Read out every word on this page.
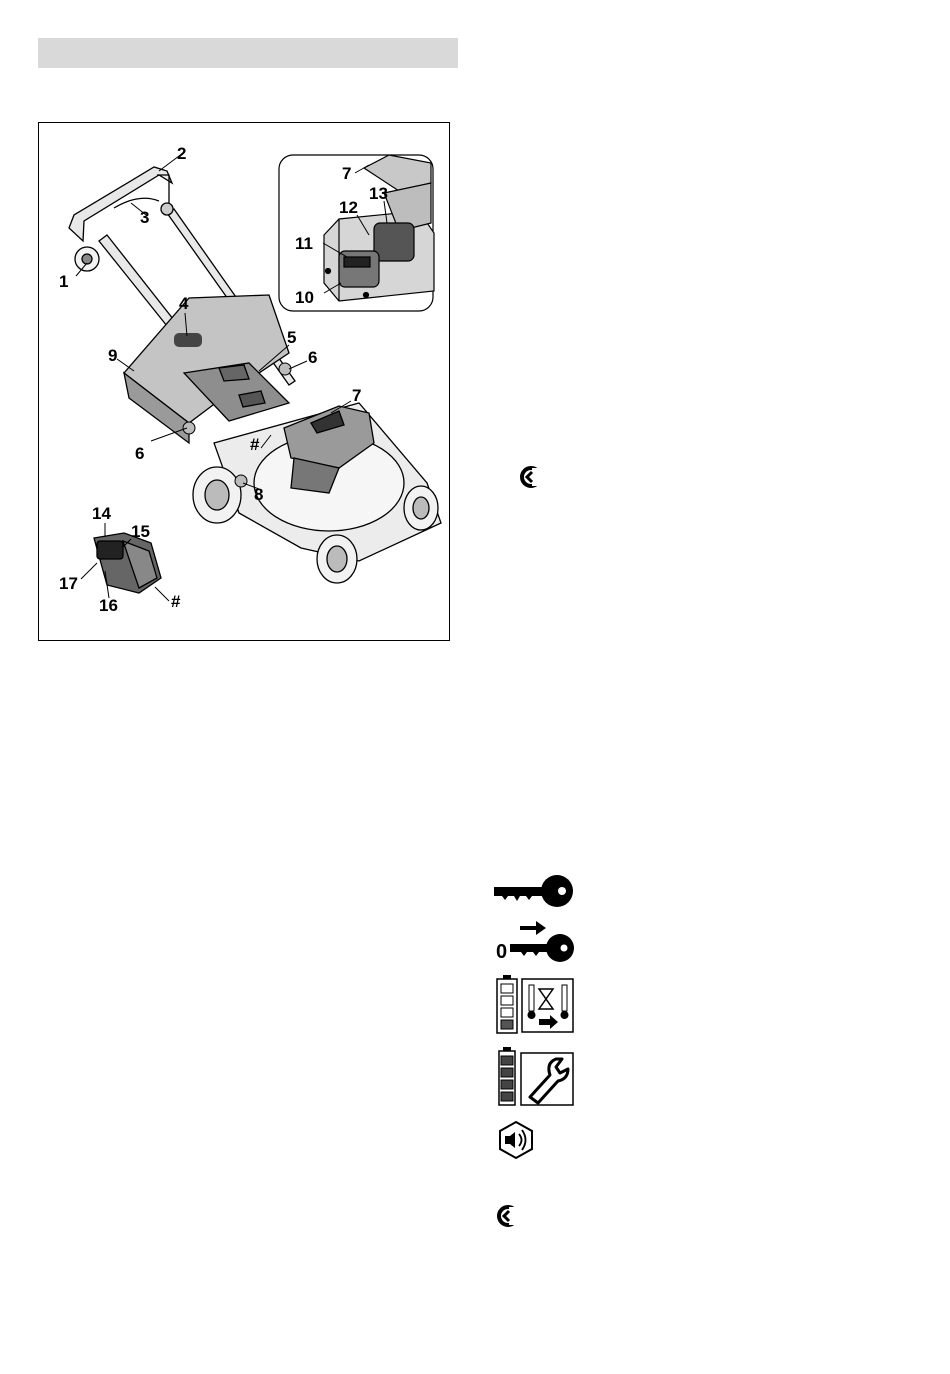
1
2
3
4
5
6
6
7
7
8
9
10
11
12
13
14
15
16
17
#
#
0
